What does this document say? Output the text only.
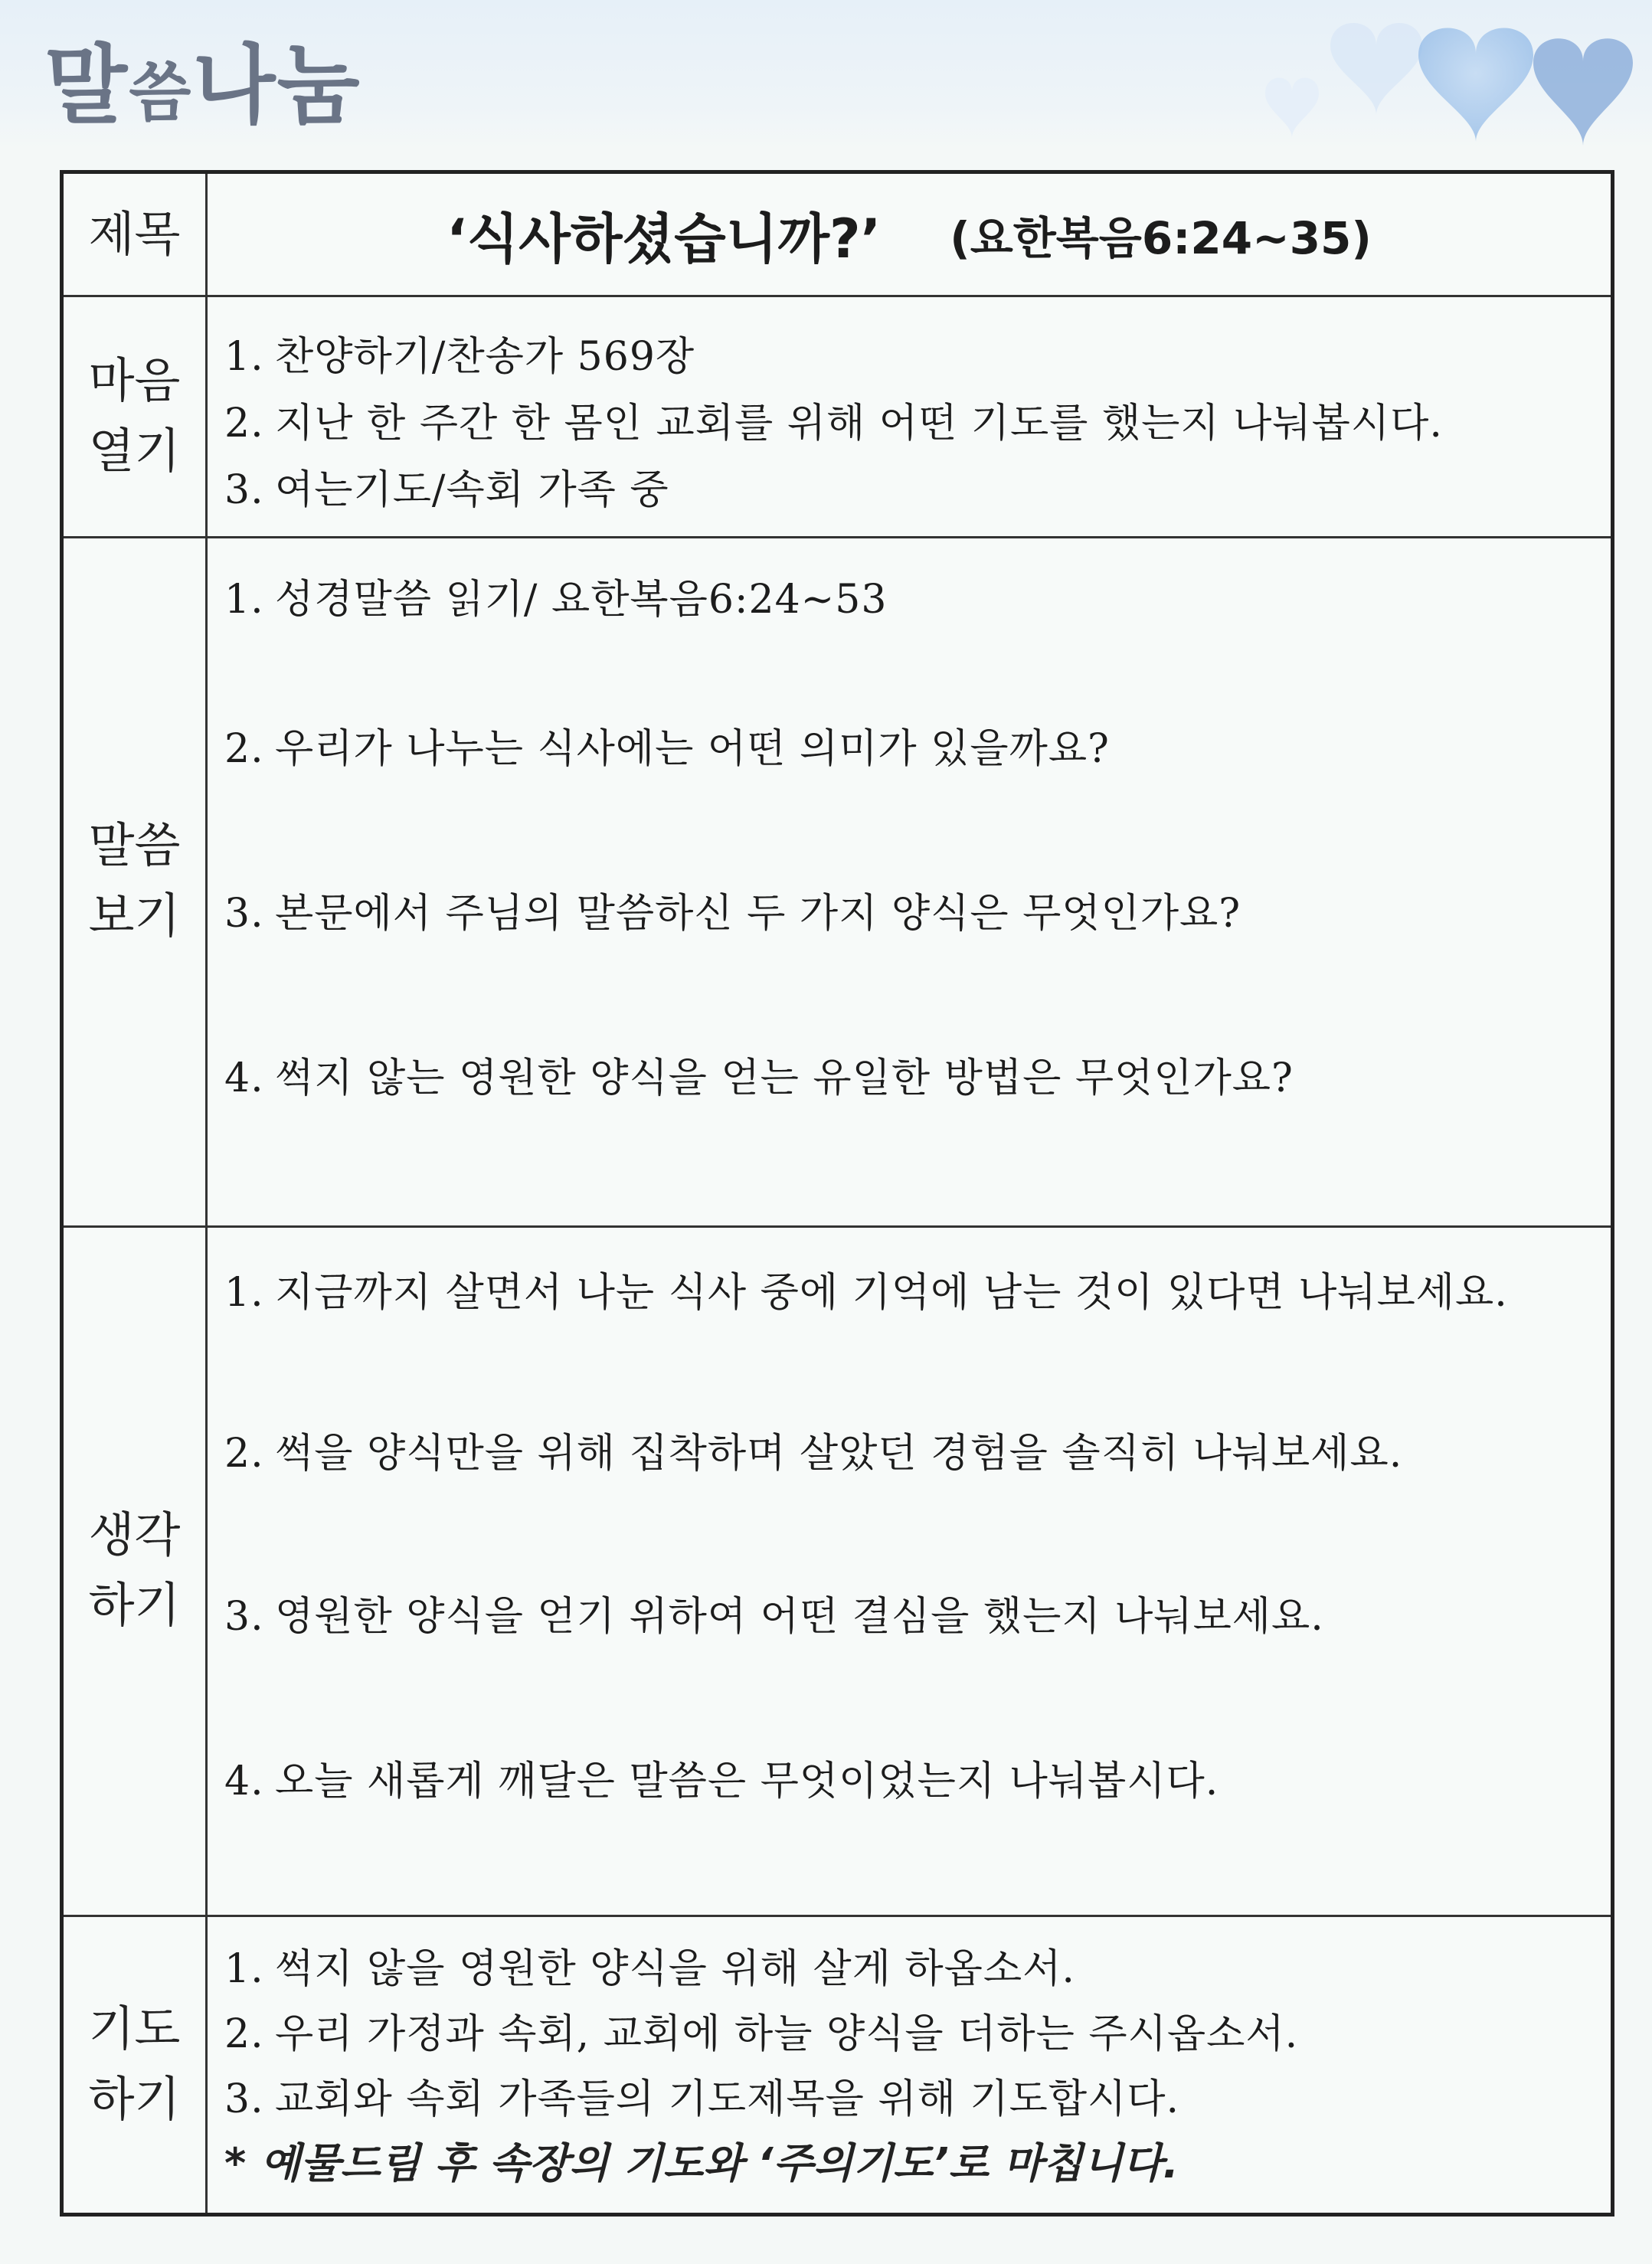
말씀나눔
제목	‘식사하셨습니까?’ (요한복음6:24~35)
마음
열기
1. 찬양하기/찬송가 569장
2. 지난 한 주간 한 몸인 교회를 위해 어떤 기도를 했는지 나눠봅시다.
3. 여는기도/속회 가족 중
말씀
보기
1. 성경말씀 읽기/ 요한복음6:24~53
2. 우리가 나누는 식사에는 어떤 의미가 있을까요?
3. 본문에서 주님의 말씀하신 두 가지 양식은 무엇인가요?
4. 썩지 않는 영원한 양식을 얻는 유일한 방법은 무엇인가요?
생각
하기
1. 지금까지 살면서 나눈 식사 중에 기억에 남는 것이 있다면 나눠보세요.
2. 썩을 양식만을 위해 집착하며 살았던 경험을 솔직히 나눠보세요.
3. 영원한 양식을 얻기 위하여 어떤 결심을 했는지 나눠보세요.
4. 오늘 새롭게 깨달은 말씀은 무엇이었는지 나눠봅시다.
기도
하기
1. 썩지 않을 영원한 양식을 위해 살게 하옵소서.
2. 우리 가정과 속회, 교회에 하늘 양식을 더하는 주시옵소서.
3. 교회와 속회 가족들의 기도제목을 위해 기도합시다.
* 예물드림 후 속장의 기도와 ‘주의기도’로 마칩니다.
